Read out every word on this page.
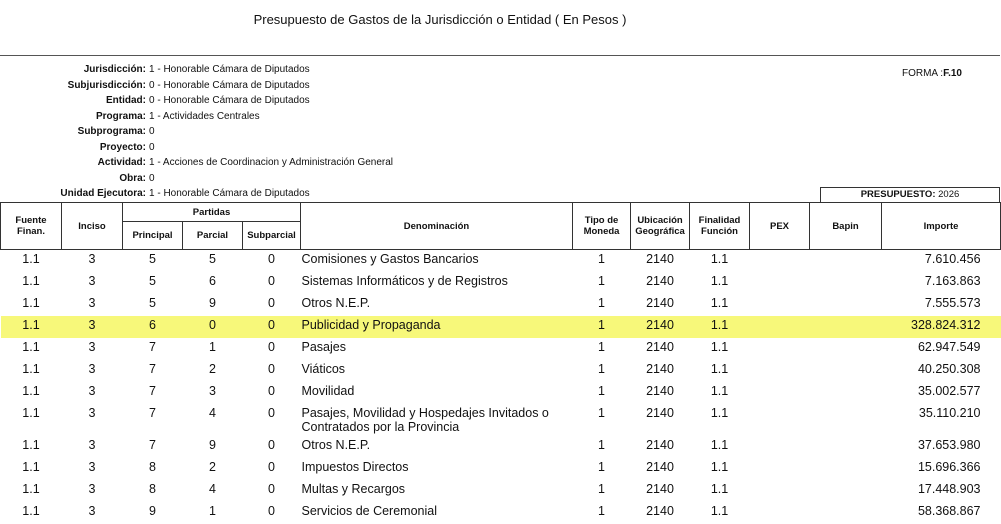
Presupuesto de Gastos de la Jurisdicción o Entidad ( En Pesos )
Jurisdicción: 1 - Honorable Cámara de Diputados
Subjurisdicción: 0 - Honorable Cámara de Diputados
Entidad: 0 - Honorable Cámara de Diputados
Programa: 1 - Actividades Centrales
Subprograma: 0
Proyecto: 0
Actividad: 1 - Acciones de Coordinacion y Administración General
Obra: 0
Unidad Ejecutora: 1 - Honorable Cámara de Diputados
FORMA :F.10
PRESUPUESTO: 2026
Fuente Finan.	Inciso	Partidas			Denominación	Tipo de Moneda	Ubicación Geográfica	Finalidad Función	PEX	Bapin	Importe
		Principal	Parcial	Subparcial							
1.1	3	5	5	0	Comisiones y Gastos Bancarios	1	2140	1.1			7.610.456
1.1	3	5	6	0	Sistemas Informáticos y de Registros	1	2140	1.1			7.163.863
1.1	3	5	9	0	Otros N.E.P.	1	2140	1.1			7.555.573
1.1	3	6	0	0	Publicidad y Propaganda	1	2140	1.1			328.824.312
1.1	3	7	1	0	Pasajes	1	2140	1.1			62.947.549
1.1	3	7	2	0	Viáticos	1	2140	1.1			40.250.308
1.1	3	7	3	0	Movilidad	1	2140	1.1			35.002.577
1.1	3	7	4	0	Pasajes, Movilidad y Hospedajes Invitados o Contratados por la Provincia	1	2140	1.1			35.110.210
1.1	3	7	9	0	Otros N.E.P.	1	2140	1.1			37.653.980
1.1	3	8	2	0	Impuestos Directos	1	2140	1.1			15.696.366
1.1	3	8	4	0	Multas y Recargos	1	2140	1.1			17.448.903
1.1	3	9	1	0	Servicios de Ceremonial	1	2140	1.1			58.368.867
